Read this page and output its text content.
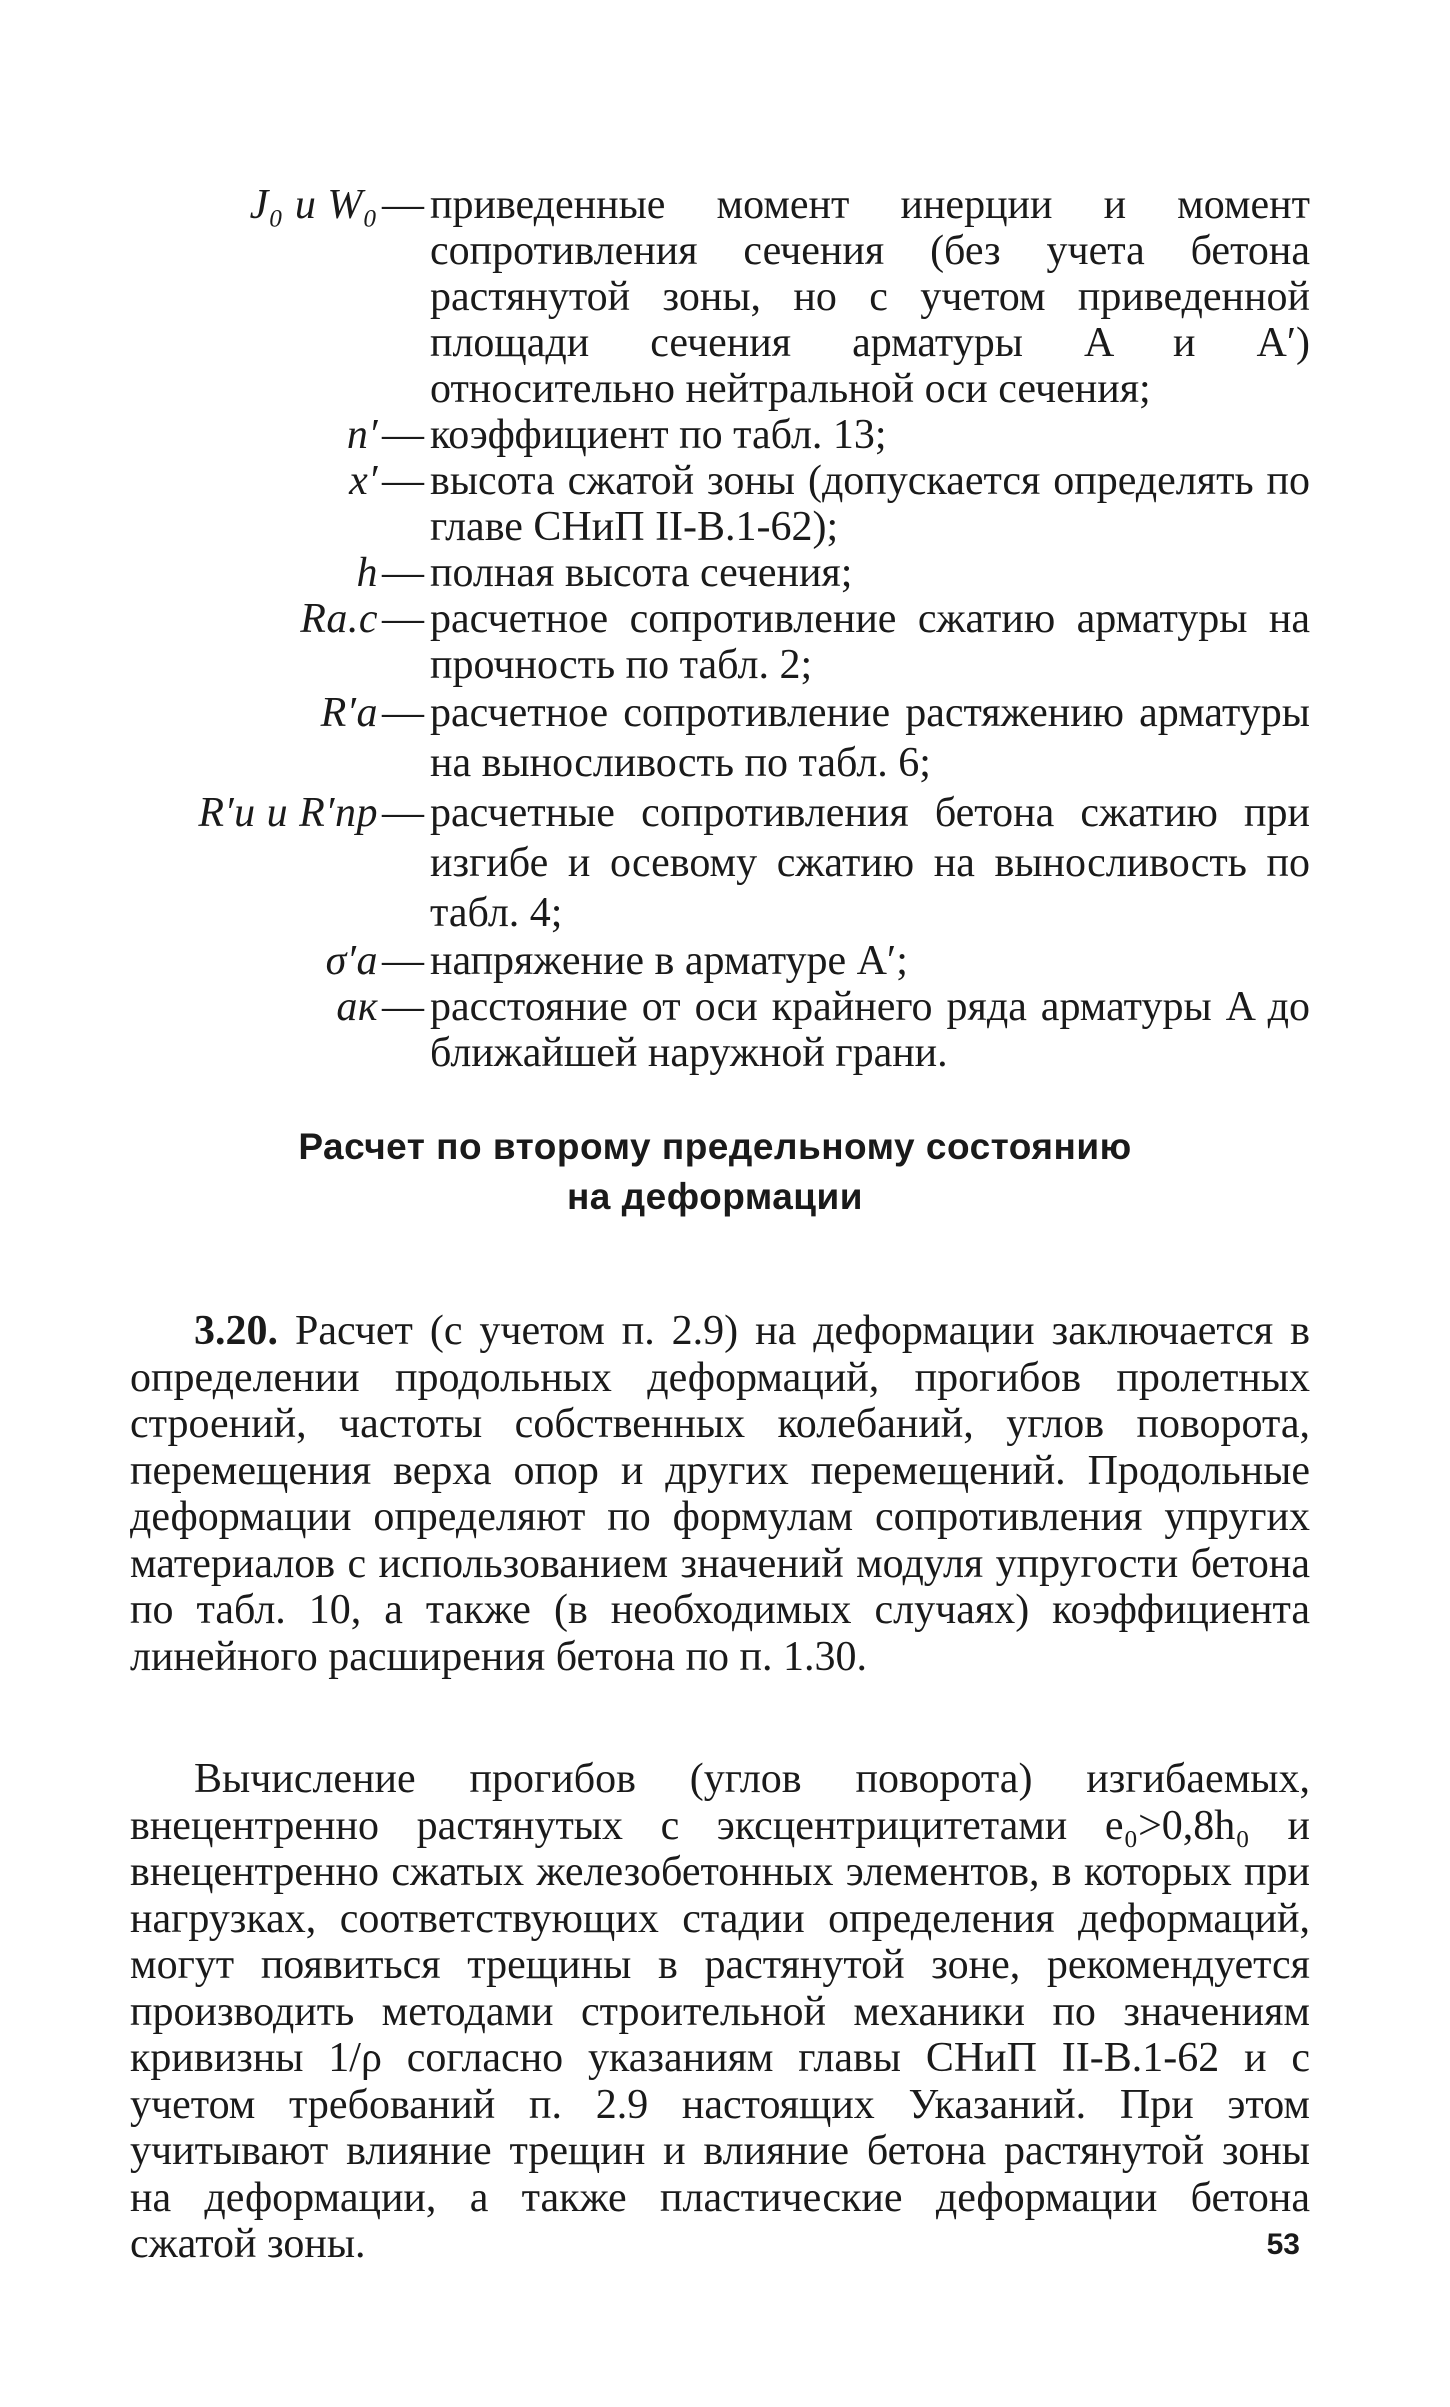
J₀ и W₀ — приведенные момент инерции и момент сопротивления сечения (без учета бетона растянутой зоны, но с учетом приведенной площади сечения арматуры A и A′) относительно нейтральной оси сечения;
n′ — коэффициент по табл. 13;
x′ — высота сжатой зоны (допускается определять по главе СНиП II-В.1-62);
h — полная высота сечения;
Rа.с — расчетное сопротивление сжатию арматуры на прочность по табл. 2;
R′а — расчетное сопротивление растяжению арматуры на выносливость по табл. 6;
R′и и R′пр — расчетные сопротивления бетона сжатию при изгибе и осевому сжатию на выносливость по табл. 4;
σ′а — напряжение в арматуре A′;
aк — расстояние от оси крайнего ряда арматуры A до ближайшей наружной грани.
Расчет по второму предельному состоянию
на деформации

3.20. Расчет (с учетом п. 2.9) на деформации заключается в определении продольных деформаций, прогибов пролетных строений, частоты собственных колебаний, углов поворота, перемещения верха опор и других перемещений. Продольные деформации определяют по формулам сопротивления упругих материалов с использованием значений модуля упругости бетона по табл. 10, а также (в необходимых случаях) коэффициента линейного расширения бетона по п. 1.30.

Вычисление прогибов (углов поворота) изгибаемых, внецентренно растянутых с эксцентрицитетами e₀>0,8h₀ и внецентренно сжатых железобетонных элементов, в которых при нагрузках, соответствующих стадии определения деформаций, могут появиться трещины в растянутой зоне, рекомендуется производить методами строительной механики по значениям кривизны 1/ρ согласно указаниям главы СНиП II-В.1-62 и с учетом требований п. 2.9 настоящих Указаний. При этом учитывают влияние трещин и влияние бетона растянутой зоны на деформации, а также пластические деформации бетона сжатой зоны.	53
